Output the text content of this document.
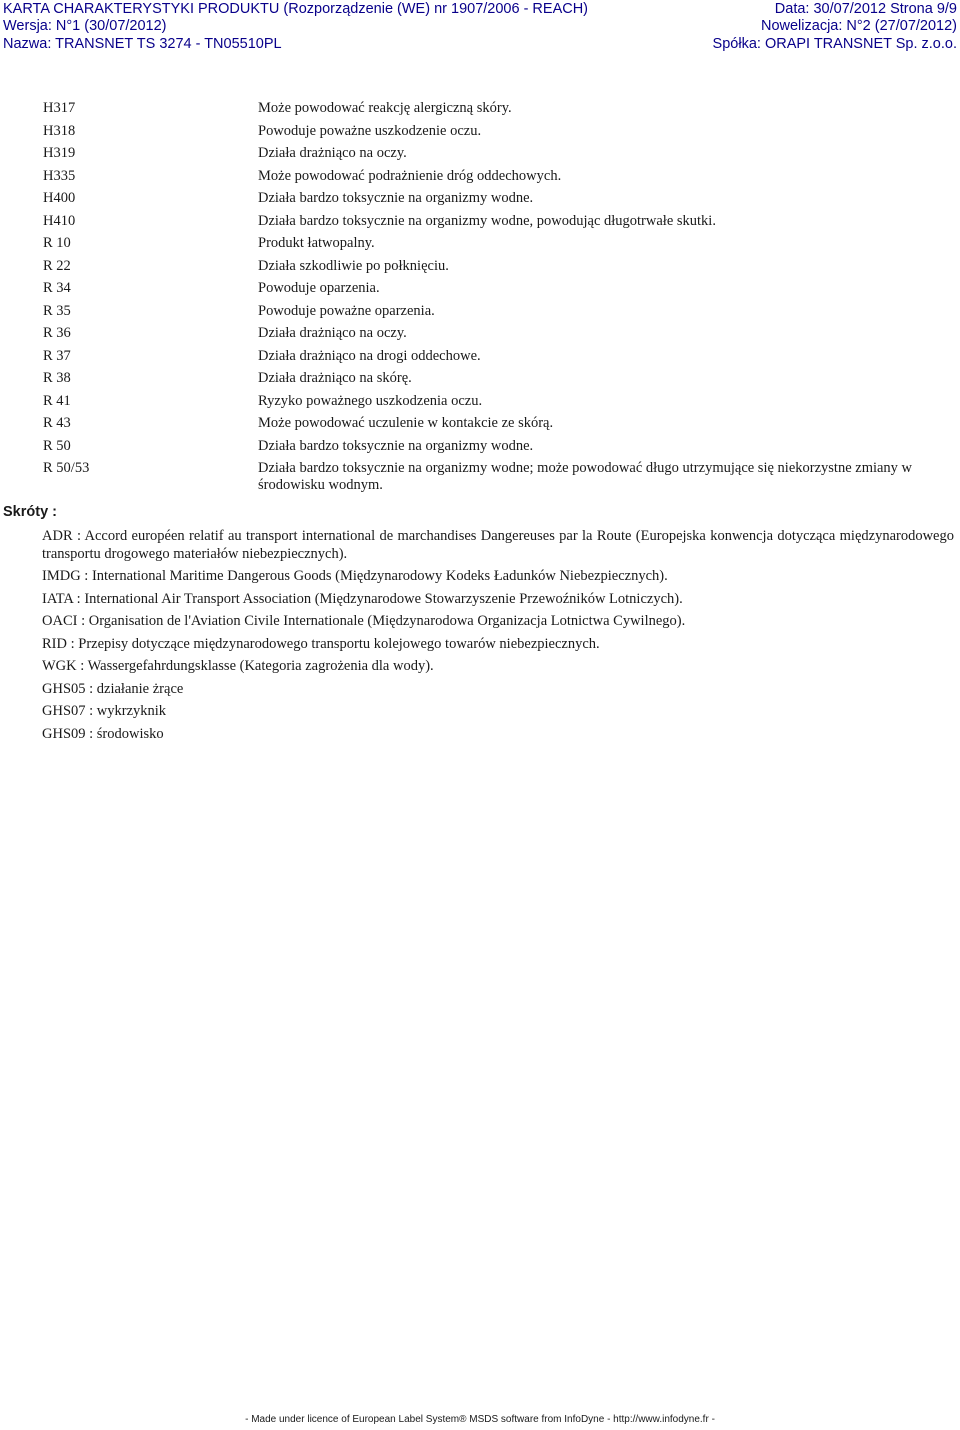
KARTA CHARAKTERYSTYKI PRODUKTU (Rozporządzenie (WE) nr 1907/2006 - REACH)	Data: 30/07/2012 Strona 9/9
Wersja: N°1 (30/07/2012)	Nowelizacja: N°2 (27/07/2012)
Nazwa: TRANSNET TS 3274 - TN05510PL	Spółka: ORAPI TRANSNET Sp. z.o.o.
H317	Może powodować reakcję alergiczną skóry.
H318	Powoduje poważne uszkodzenie oczu.
H319	Działa drażniąco na oczy.
H335	Może powodować podrażnienie dróg oddechowych.
H400	Działa bardzo toksycznie na organizmy wodne.
H410	Działa bardzo toksycznie na organizmy wodne, powodując długotrwałe skutki.
R 10	Produkt łatwopalny.
R 22	Działa szkodliwie po połknięciu.
R 34	Powoduje oparzenia.
R 35	Powoduje poważne oparzenia.
R 36	Działa drażniąco na oczy.
R 37	Działa drażniąco na drogi oddechowe.
R 38	Działa drażniąco na skórę.
R 41	Ryzyko poważnego uszkodzenia oczu.
R 43	Może powodować uczulenie w kontakcie ze skórą.
R 50	Działa bardzo toksycznie na organizmy wodne.
R 50/53	Działa bardzo toksycznie na organizmy wodne; może powodować długo utrzymujące się niekorzystne zmiany w środowisku wodnym.
Skróty :
ADR : Accord européen relatif au transport international de marchandises Dangereuses par la Route (Europejska konwencja dotycząca międzynarodowego transportu drogowego materiałów niebezpiecznych).
IMDG : International Maritime Dangerous Goods (Międzynarodowy Kodeks Ładunków Niebezpiecznych).
IATA : International Air Transport Association (Międzynarodowe Stowarzyszenie Przewoźników Lotniczych).
OACI : Organisation de l'Aviation Civile Internationale (Międzynarodowa Organizacja Lotnictwa Cywilnego).
RID : Przepisy dotyczące międzynarodowego transportu kolejowego towarów niebezpiecznych.
WGK : Wassergefahrdungsklasse (Kategoria zagrożenia dla wody).
GHS05 : działanie żrące
GHS07 : wykrzyknik
GHS09 : środowisko
- Made under licence of European Label System® MSDS software from InfoDyne - http://www.infodyne.fr -
